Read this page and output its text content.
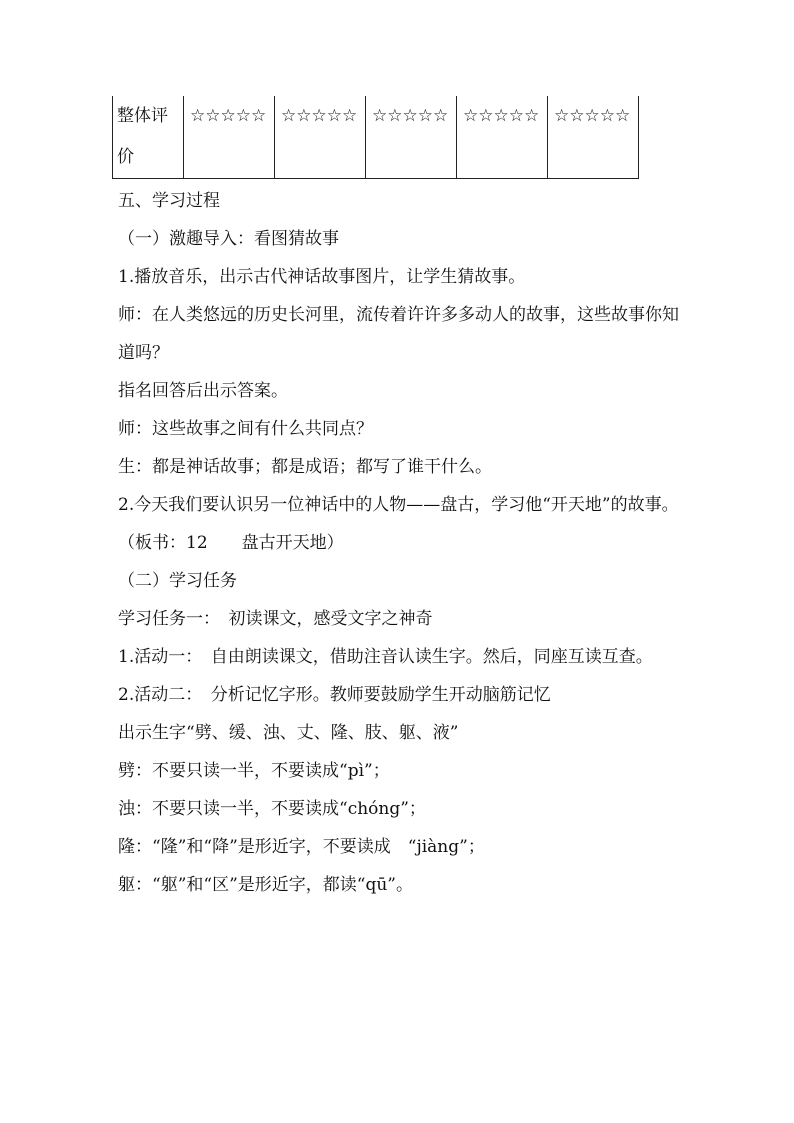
整体评价	☆☆☆☆☆	☆☆☆☆☆	☆☆☆☆☆	☆☆☆☆☆	☆☆☆☆☆

五、学习过程

（一）激趣导入：看图猜故事

1.播放音乐，出示古代神话故事图片，让学生猜故事。

师：在人类悠远的历史长河里，流传着许许多多动人的故事，这些故事你知道吗？

指名回答后出示答案。

师：这些故事之间有什么共同点？

生：都是神话故事；都是成语；都写了谁干什么。

2.今天我们要认识另一位神话中的人物——盘古，学习他“开天地”的故事。（板书：12　　盘古开天地）

（二）学习任务

学习任务一：　初读课文，感受文字之神奇

1.活动一：　自由朗读课文，借助注音认读生字。然后，同座互读互查。

2.活动二：　分析记忆字形。教师要鼓励学生开动脑筋记忆

出示生字“劈、缓、浊、丈、隆、肢、躯、液”

劈：不要只读一半，不要读成“pì”；

浊：不要只读一半，不要读成“chóng”；

隆：“隆”和“降”是形近字，不要读成　“jiàng”；

躯：“躯”和“区”是形近字，都读“qū”。
